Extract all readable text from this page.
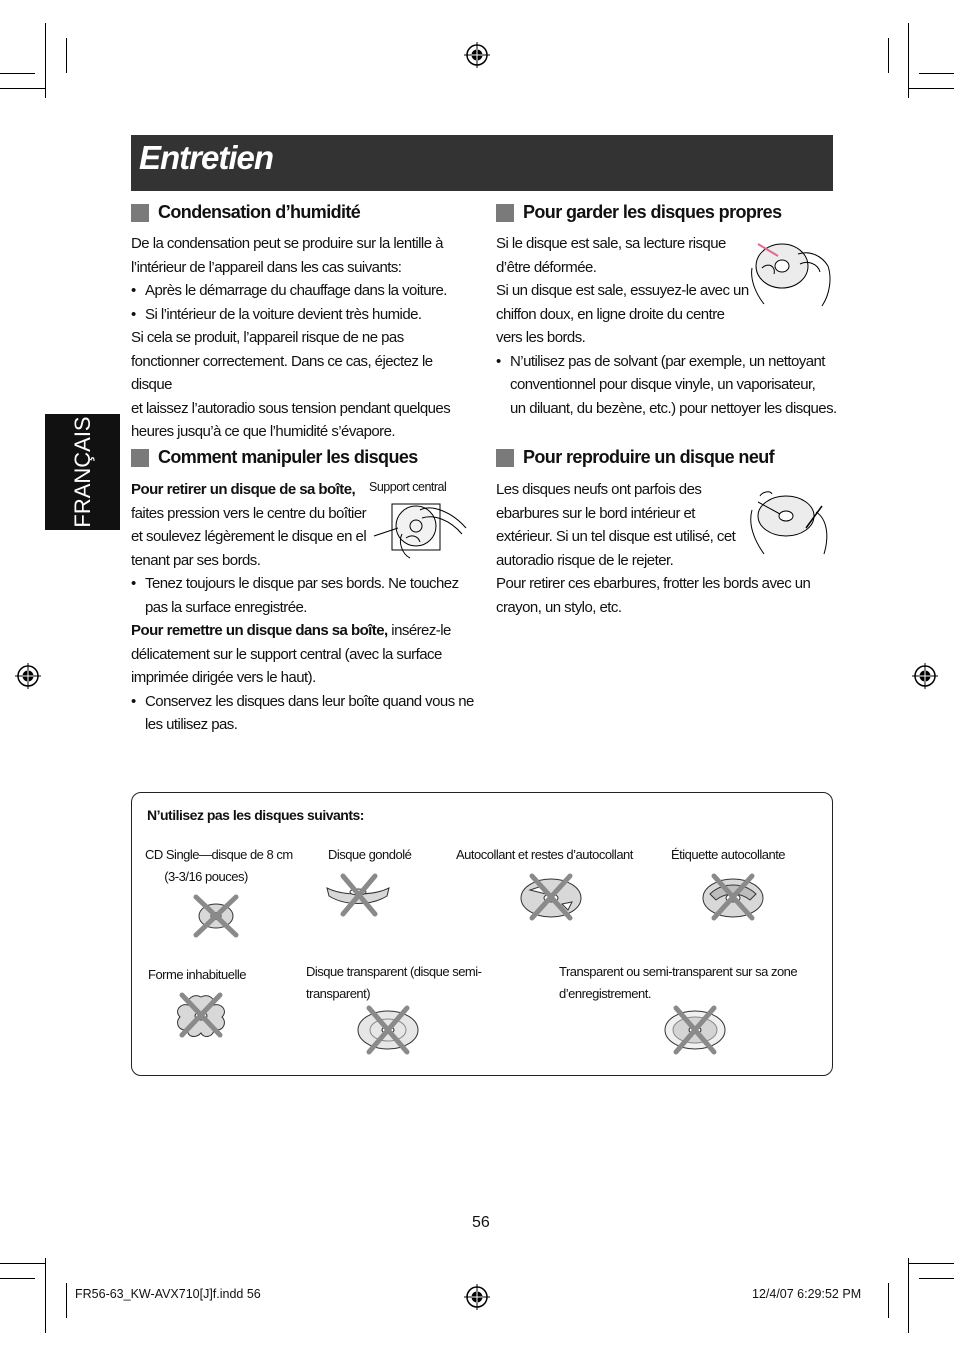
Entretien
FRANÇAIS
Condensation d’humidité

De la condensation peut se produire sur la lentille à

l’intérieur de l’appareil dans les cas suivants:

• Après le démarrage du chauffage dans la voiture.

• Si l’intérieur de la voiture devient très humide.

Si cela se produit, l’appareil risque de ne pas

fonctionner correctement. Dans ce cas, éjectez le disque

et laissez l’autoradio sous tension pendant quelques

heures jusqu’à ce que l’humidité s’évapore.

Comment manipuler les disques
Support central

Pour retirer un disque de sa boîte,

faites pression vers le centre du boîtier

et soulevez légèrement le disque en el

tenant par ses bords.

• Tenez toujours le disque par ses bords. Ne touchez
pas la surface enregistrée.

Pour remettre un disque dans sa boîte, insérez-le

délicatement sur le support central (avec la surface

imprimée dirigée vers le haut).

• Conservez les disques dans leur boîte quand vous ne
les utilisez pas.

Pour garder les disques propres

Si le disque est sale, sa lecture risque

d’être déformée.

Si un disque est sale, essuyez-le avec un

chiffon doux, en ligne droite du centre

vers les bords.

• N’utilisez pas de solvant (par exemple, un nettoyant
conventionnel pour disque vinyle, un vaporisateur,
un diluant, du bezène, etc.) pour nettoyer les disques.

Pour reproduire un disque neuf

Les disques neufs ont parfois des

ebarbures sur le bord intérieur et

extérieur. Si un tel disque est utilisé, cet

autoradio risque de le rejeter.

Pour retirer ces ebarbures, frotter les bords avec un

crayon, un stylo, etc.

N’utilisez pas les disques suivants:
CD Single—disque de 8 cm
(3-3/16 pouces)
Disque gondolé	Autocollant et restes d’autocollant	Étiquette autocollante
Forme inhabituelle	Disque transparent (disque semi-
transparent)
Transparent ou semi-transparent sur sa zone
d’enregistrement.
56
FR56-63_KW-AVX710[J]f.indd 56	12/4/07 6:29:52 PM
